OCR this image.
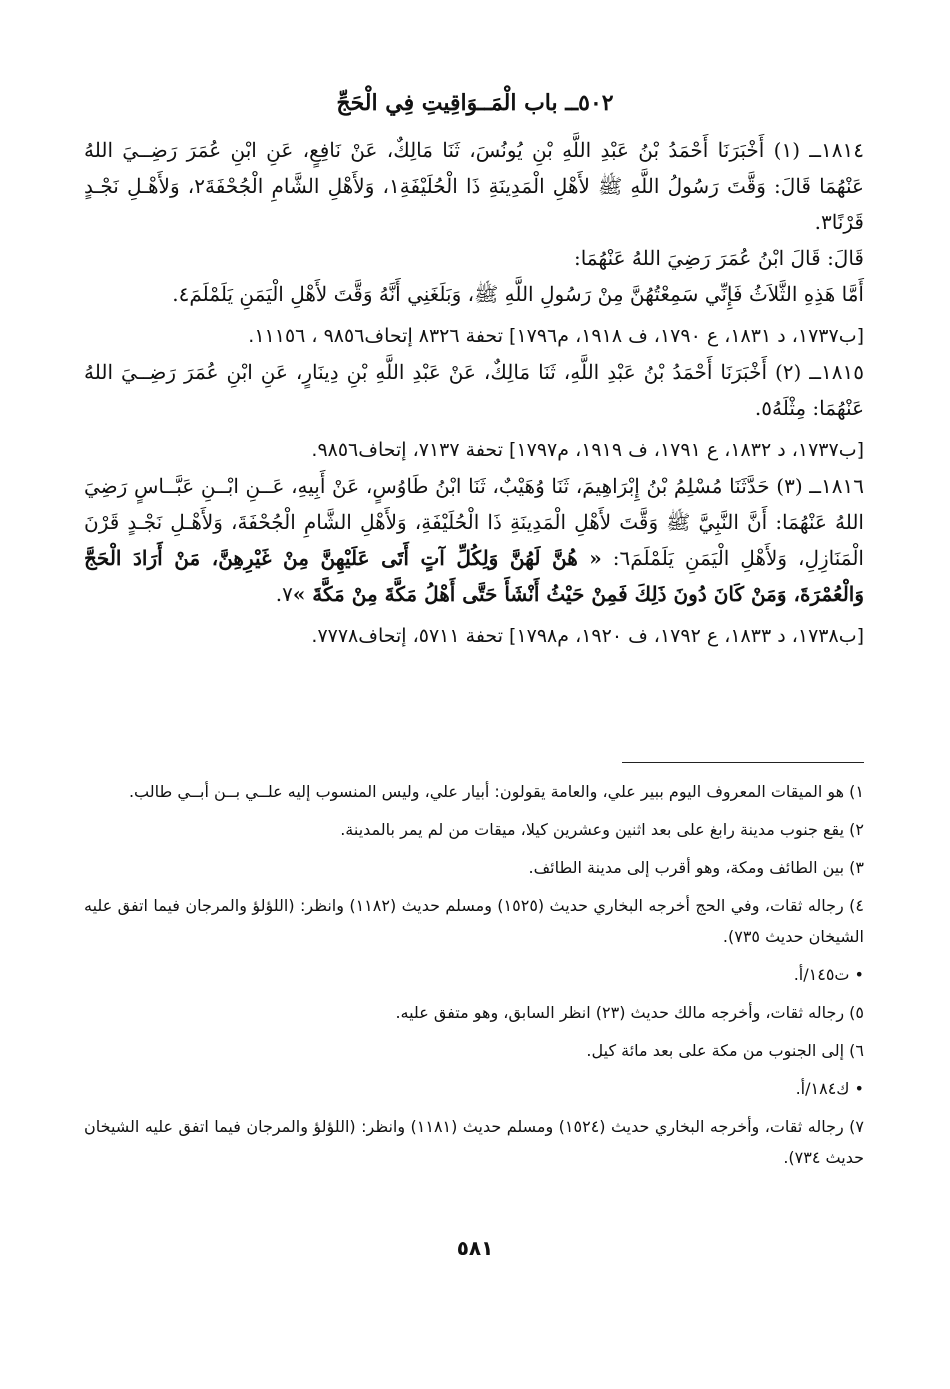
٥٠٢ــ باب الْمَــوَاقِيتِ فِي الْحَجِّ

١٨١٤ــ (١) أَخْبَرَنَا أَحْمَدُ بْنُ عَبْدِ اللَّهِ بْنِ يُونُسَ، ثَنَا مَالِكٌ، عَنْ نَافِعٍ، عَنِ ابْنِ عُمَرَ رَضِــيَ اللهُ عَنْهُمَا قَالَ: وَقَّتَ رَسُولُ اللَّهِ ﷺ لأَهْلِ الْمَدِينَةِ ذَا الْحُلَيْفَةِ١، وَلأَهْلِ الشَّامِ الْجُحْفَةَ٢، وَلأَهْـلِ نَجْـدٍ قَرْنًا٣.

قَالَ: قَالَ ابْنُ عُمَرَ رَضِيَ اللهُ عَنْهُمَا:

أَمَّا هَذِهِ الثَّلاَثُ فَإِنِّي سَمِعْتُهُنَّ مِنْ رَسُولِ اللَّهِ ﷺ، وَبَلَغَنِي أَنَّهُ وَقَّتَ لأَهْلِ الْيَمَنِ يَلَمْلَمَ٤.

[ب١٧٣٧، د ١٨٣١، ع ١٧٩٠، ف ١٩١٨، م١٧٩٦] تحفة ٨٣٢٦ إتحاف٩٨٥٦ ، ١١١٥٦.

١٨١٥ــ (٢) أَخْبَرَنَا أَحْمَدُ بْنُ عَبْدِ اللَّهِ، ثَنَا مَالِكٌ، عَنْ عَبْدِ اللَّهِ بْنِ دِينَارٍ، عَنِ ابْنِ عُمَرَ رَضِــيَ اللهُ عَنْهُمَا: مِثْلَهُ٥.

[ب١٧٣٧، د ١٨٣٢، ع ١٧٩١، ف ١٩١٩، م١٧٩٧] تحفة ٧١٣٧، إتحاف٩٨٥٦.

١٨١٦ــ (٣) حَدَّثَنَا مُسْلِمُ بْنُ إِبْرَاهِيمَ، ثَنَا وُهَيْبٌ، ثَنَا ابْنُ طَاوُسٍ، عَنْ أَبِيهِ، عَــنِ ابْــنِ عَبَّــاسٍ رَضِيَ اللهُ عَنْهُمَا: أَنَّ النَّبِيَّ ﷺ وَقَّتَ لأَهْلِ الْمَدِينَةِ ذَا الْحُلَيْفَةِ، وَلأَهْلِ الشَّامِ الْجُحْفَةَ، وَلأَهْـلِ نَجْـدٍ قَرْنَ الْمَنَازِلِ، وَلأَهْلِ الْيَمَنِ يَلَمْلَمَ٦: « هُنَّ لَهُنَّ وَلِكُلِّ آتٍ أَتَى عَلَيْهِنَّ مِنْ غَيْرِهِنَّ، مَنْ أَرَادَ الْحَجَّ وَالْعُمْرَةَ، وَمَنْ كَانَ دُونَ ذَلِكَ فَمِنْ حَيْثُ أَنْشَأَ حَتَّى أَهْلُ مَكَّةَ مِنْ مَكَّةَ »٧.

[ب١٧٣٨، د ١٨٣٣، ع ١٧٩٢، ف ١٩٢٠، م١٧٩٨] تحفة ٥٧١١، إتحاف٧٧٧٨.

١) هو الميقات المعروف اليوم ببير علي، والعامة يقولون: أبيار علي، وليس المنسوب إليه علــي بــن أبــي طالب.

٢) يقع جنوب مدينة رابغ على بعد اثنين وعشرين كيلا، ميقات من لم يمر بالمدينة.

٣) بين الطائف ومكة، وهو أقرب إلى مدينة الطائف.

٤) رجاله ثقات، وفي الحج أخرجه البخاري حديث (١٥٢٥) ومسلم حديث (١١٨٢) وانظر: (اللؤلؤ والمرجان فيما اتفق عليه الشيخان حديث ٧٣٥).

• ت١٤٥/أ.

٥) رجاله ثقات، وأخرجه مالك حديث (٢٣) انظر السابق، وهو متفق عليه.

٦) إلى الجنوب من مكة على بعد مائة كيل.

• ك١٨٤/أ.

٧) رجاله ثقات، وأخرجه البخاري حديث (١٥٢٤) ومسلم حديث (١١٨١) وانظر: (اللؤلؤ والمرجان فيما اتفق عليه الشيخان حديث ٧٣٤).

٥٨١
